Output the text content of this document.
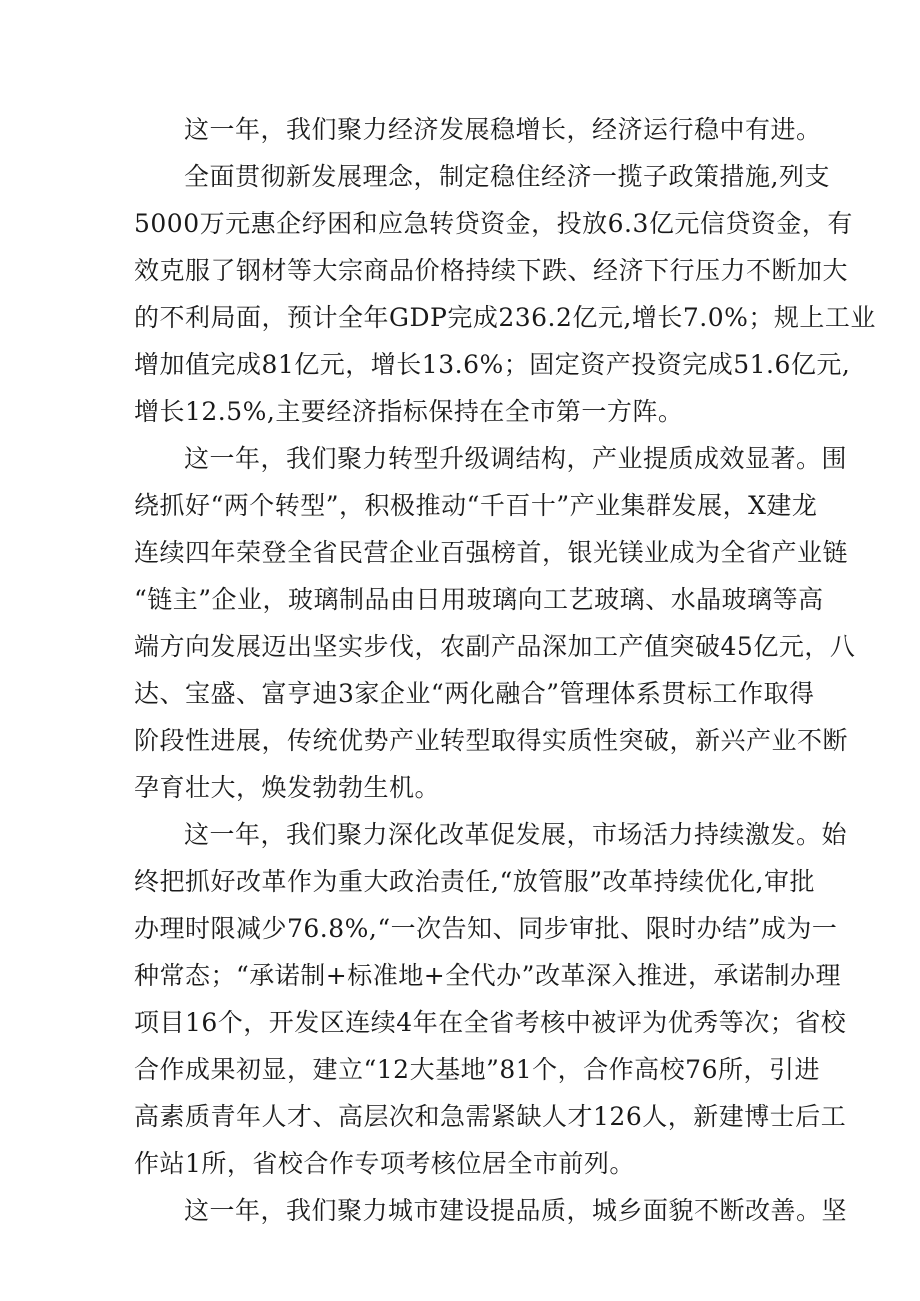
这一年，我们聚力经济发展稳增长，经济运行稳中有进。
全面贯彻新发展理念，制定稳住经济一揽子政策措施,列支
5000万元惠企纾困和应急转贷资金，投放6.3亿元信贷资金，有
效克服了钢材等大宗商品价格持续下跌、经济下行压力不断加大
的不利局面，预计全年GDP完成236.2亿元,增长7.0%；规上工业
增加值完成81亿元，增长13.6%；固定资产投资完成51.6亿元,
增长12.5%,主要经济指标保持在全市第一方阵。
这一年，我们聚力转型升级调结构，产业提质成效显著。围
绕抓好“两个转型”，积极推动“千百十”产业集群发展，X建龙
连续四年荣登全省民营企业百强榜首，银光镁业成为全省产业链
“链主”企业，玻璃制品由日用玻璃向工艺玻璃、水晶玻璃等高
端方向发展迈出坚实步伐，农副产品深加工产值突破45亿元，八
达、宝盛、富亨迪3家企业“两化融合”管理体系贯标工作取得
阶段性进展，传统优势产业转型取得实质性突破，新兴产业不断
孕育壮大，焕发勃勃生机。
这一年，我们聚力深化改革促发展，市场活力持续激发。始
终把抓好改革作为重大政治责任,“放管服”改革持续优化,审批
办理时限减少76.8%,“一次告知、同步审批、限时办结”成为一
种常态；“承诺制+标准地+全代办”改革深入推进，承诺制办理
项目16个，开发区连续4年在全省考核中被评为优秀等次；省校
合作成果初显，建立“12大基地”81个，合作高校76所，引进
高素质青年人才、高层次和急需紧缺人才126人，新建博士后工
作站1所，省校合作专项考核位居全市前列。
这一年，我们聚力城市建设提品质，城乡面貌不断改善。坚
